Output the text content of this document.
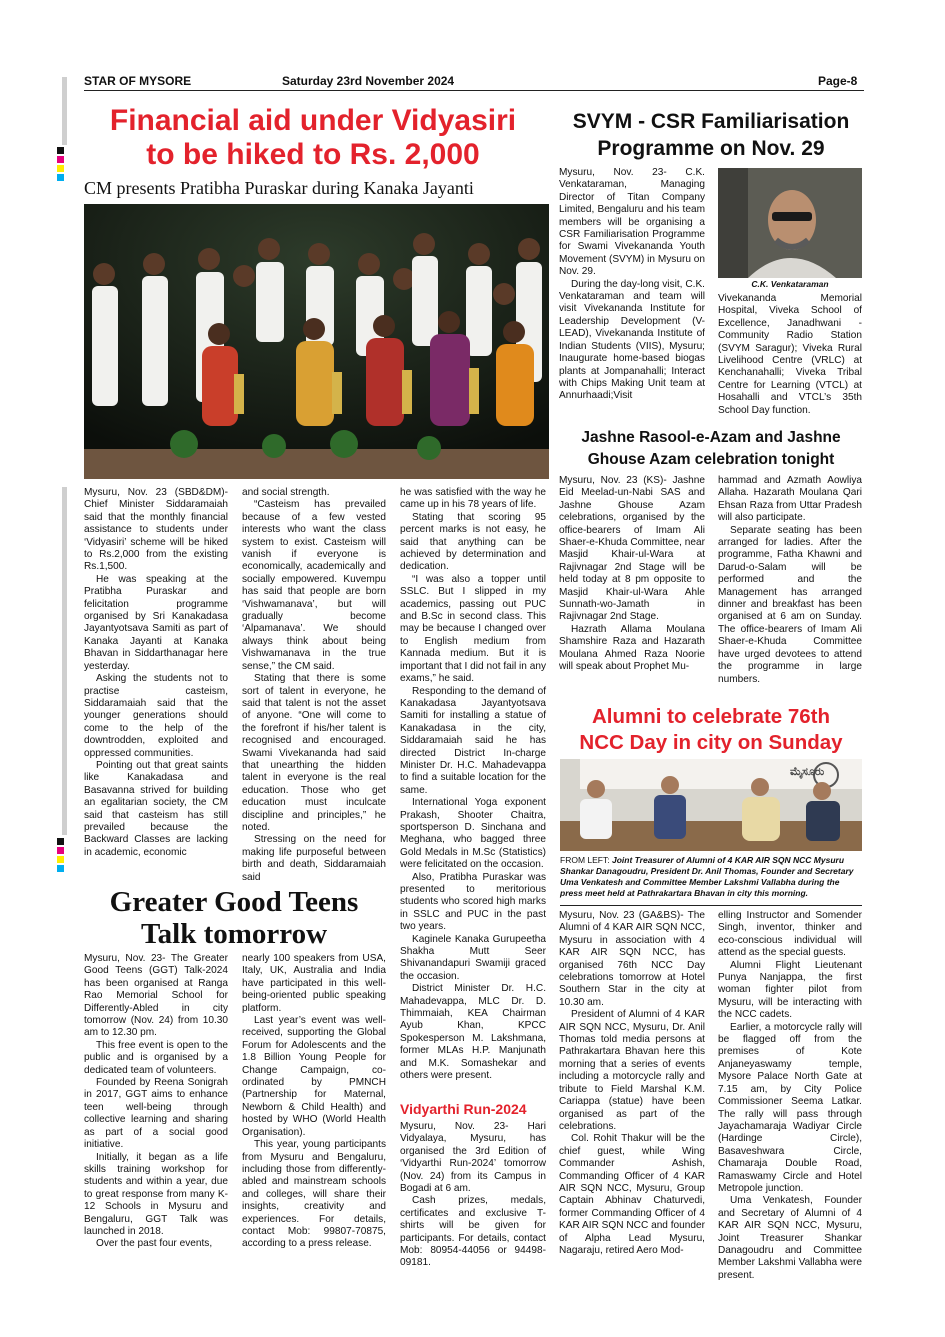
STAR OF MYSORE	Saturday 23rd November 2024	Page-8
Financial aid under Vidyasiri
to be hiked to Rs. 2,000
CM presents Pratibha Puraskar during Kanaka Jayanti

Mysuru, Nov. 23 (SBD&DM)- Chief Minister Siddaramaiah said that the monthly financial assistance to students under ‘Vidyasiri’ scheme will be hiked to Rs.2,000 from the existing Rs.1,500.

He was speaking at the Pratibha Puraskar and felicitation programme organised by Sri Kanakadasa Jayantyotsava Samiti as part of Kanaka Jayanti at Kanaka Bhavan in Siddarthanagar here yesterday.

Asking the students not to practise casteism, Siddaramaiah said that the younger generations should come to the help of the downtrodden, exploited and oppressed communities.

Pointing out that great saints like Kanakadasa and Basavanna strived for building an egalitarian society, the CM said that casteism has still prevailed because the Backward Classes are lacking in academic, economic

and social strength.

“Casteism has prevailed because of a few vested interests who want the class system to exist. Casteism will vanish if everyone is economically, academically and socially empowered. Kuvempu has said that people are born ‘Vishwamanava’, but will gradually become ‘Alpamanava’. We should always think about being Vishwamanava in the true sense,” the CM said.

Stating that there is some sort of talent in everyone, he said that talent is not the asset of anyone. “One will come to the forefront if his/her talent is recognised and encouraged. Swami Vivekananda had said that unearthing the hidden talent in everyone is the real education. Those who get education must inculcate discipline and principles,” he noted.

Stressing on the need for making life purposeful between birth and death, Siddaramaiah said

he was satisfied with the way he came up in his 78 years of life.

Stating that scoring 95 percent marks is not easy, he said that anything can be achieved by determination and dedication.

“I was also a topper until SSLC. But I slipped in my academics, passing out PUC and B.Sc in second class. This may be because I changed over to English medium from Kannada medium. But it is important that I did not fail in any exams,” he said.

Responding to the demand of Kanakadasa Jayantyotsava Samiti for installing a statue of Kanakadasa in the city, Siddaramaiah said he has directed District In-charge Minister Dr. H.C. Mahadevappa to find a suitable location for the same.

International Yoga exponent Prakash, Shooter Chaitra, sportsperson D. Sinchana and Meghana, who bagged three Gold Medals in M.Sc (Statistics) were felicitated on the occasion.

Also, Pratibha Puraskar was presented to meritorious students who scored high marks in SSLC and PUC in the past two years.

Kaginele Kanaka Gurupeetha Shakha Mutt Seer Shivanandapuri Swamiji graced the occasion.

District Minister Dr. H.C. Mahadevappa, MLC Dr. D. Thimmaiah, KEA Chairman Ayub Khan, KPCC Spokesperson M. Lakshmana, former MLAs H.P. Manjunath and M.K. Somashekar and others were present.

Vidyarthi Run-2024

Mysuru, Nov. 23- Hari Vidyalaya, Mysuru, has organised the 3rd Edition of ‘Vidyarthi Run-2024’ tomorrow (Nov. 24) from its Campus in Bogadi at 6 am.

Cash prizes, medals, certificates and exclusive T-shirts will be given for participants. For details, contact Mob: 80954-44056 or 94498-09181.

Greater Good Teens
Talk tomorrow

Mysuru, Nov. 23- The Greater Good Teens (GGT) Talk-2024 has been organised at Ranga Rao Memorial School for Differently-Abled in city tomorrow (Nov. 24) from 10.30 am to 12.30 pm.

This free event is open to the public and is organised by a dedicated team of volunteers.

Founded by Reena Sonigrah in 2017, GGT aims to enhance teen well-being through collective learning and sharing as part of a social good initiative.

Initially, it began as a life skills training workshop for students and within a year, due to great response from many K-12 Schools in Mysuru and Bengaluru, GGT Talk was launched in 2018.

Over the past four events,

nearly 100 speakers from USA, Italy, UK, Australia and India have participated in this well-being-oriented public speaking platform.

Last year’s event was well-received, supporting the Global Forum for Adolescents and the 1.8 Billion Young People for Change Campaign, co-ordinated by PMNCH (Partnership for Maternal, Newborn & Child Health) and hosted by WHO (World Health Organisation).

This year, young participants from Mysuru and Bengaluru, including those from differently-abled and mainstream schools and colleges, will share their insights, creativity and experiences. For details, contact Mob: 99807-70875, according to a press release.

SVYM - CSR Familiarisation
Programme on Nov. 29

Mysuru, Nov. 23- C.K. Venkataraman, Managing Director of Titan Company Limited, Bengaluru and his team members will be organising a CSR Familiarisation Programme for Swami Vivekananda Youth Movement (SVYM) in Mysuru on Nov. 29.

During the day-long visit, C.K. Venkataraman and team will visit Vivekananda Institute for Leadership Development (V-LEAD), Vivekananda Institute of Indian Students (VIIS), Mysuru; Inaugurate home-based biogas plants at Jompanahalli; Interact with Chips Making Unit team at Annurhaadi;Visit

C.K. Venkataraman

Vivekananda Memorial Hospital, Viveka School of Excellence, Janadhwani - Community Radio Station (SVYM Saragur); Viveka Rural Livelihood Centre (VRLC) at Kenchanahalli; Viveka Tribal Centre for Learning (VTCL) at Hosahalli and VTCL’s 35th School Day function.

Jashne Rasool-e-Azam and Jashne
Ghouse Azam celebration tonight

Mysuru, Nov. 23 (KS)- Jashne Eid Meelad-un-Nabi SAS and Jashne Ghouse Azam celebrations, organised by the office-bearers of Imam Ali Shaer-e-Khuda Committee, near Masjid Khair-ul-Wara at Rajivnagar 2nd Stage will be held today at 8 pm opposite to Masjid Khair-ul-Wara Ahle Sunnath-wo-Jamath in Rajivnagar 2nd Stage.

Hazrath Allama Moulana Shamshire Raza and Hazarath Moulana Ahmed Raza Noorie will speak about Prophet Mu-

hammad and Azmath Aowliya Allaha. Hazarath Moulana Qari Ehsan Raza from Uttar Pradesh will also participate.

Separate seating has been arranged for ladies. After the programme, Fatha Khawni and Darud-o-Salam will be performed and the Management has arranged dinner and breakfast has been organised at 6 am on Sunday. The office-bearers of Imam Ali Shaer-e-Khuda Committee have urged devotees to attend the programme in large numbers.

Alumni to celebrate 76th
NCC Day in city on Sunday
ಮೈಸೂರು
FROM LEFT: Joint Treasurer of Alumni of 4 KAR AIR SQN NCC Mysuru Shankar Danagoudru, President Dr. Anil Thomas, Founder and Secretary Uma Venkatesh and Committee Member Lakshmi Vallabha during the press meet held at Pathrakartara Bhavan in city this morning.

Mysuru, Nov. 23 (GA&BS)- The Alumni of 4 KAR AIR SQN NCC, Mysuru in association with 4 KAR AIR SQN NCC, has organised 76th NCC Day celebrations tomorrow at Hotel Southern Star in the city at 10.30 am.

President of Alumni of 4 KAR AIR SQN NCC, Mysuru, Dr. Anil Thomas told media persons at Pathrakartara Bhavan here this morning that a series of events including a motorcycle rally and tribute to Field Marshal K.M. Cariappa (statue) have been organised as part of the celebrations.

Col. Rohit Thakur will be the chief guest, while Wing Commander Ashish, Commanding Officer of 4 KAR AIR SQN NCC, Mysuru, Group Captain Abhinav Chaturvedi, former Commanding Officer of 4 KAR AIR SQN NCC and founder of Alpha Lead Mysuru, Nagaraju, retired Aero Mod-

elling Instructor and Somender Singh, inventor, thinker and eco-conscious individual will attend as the special guests.

Alumni Flight Lieutenant Punya Nanjappa, the first woman fighter pilot from Mysuru, will be interacting with the NCC cadets.

Earlier, a motorcycle rally will be flagged off from the premises of Kote Anjaneyaswamy temple, Mysore Palace North Gate at 7.15 am, by City Police Commissioner Seema Latkar. The rally will pass through Jayachamaraja Wadiyar Circle (Hardinge Circle), Basaveshwara Circle, Chamaraja Double Road, Ramaswamy Circle and Hotel Metropole junction.

Uma Venkatesh, Founder and Secretary of Alumni of 4 KAR AIR SQN NCC, Mysuru, Joint Treasurer Shankar Danagoudru and Committee Member Lakshmi Vallabha were present.
